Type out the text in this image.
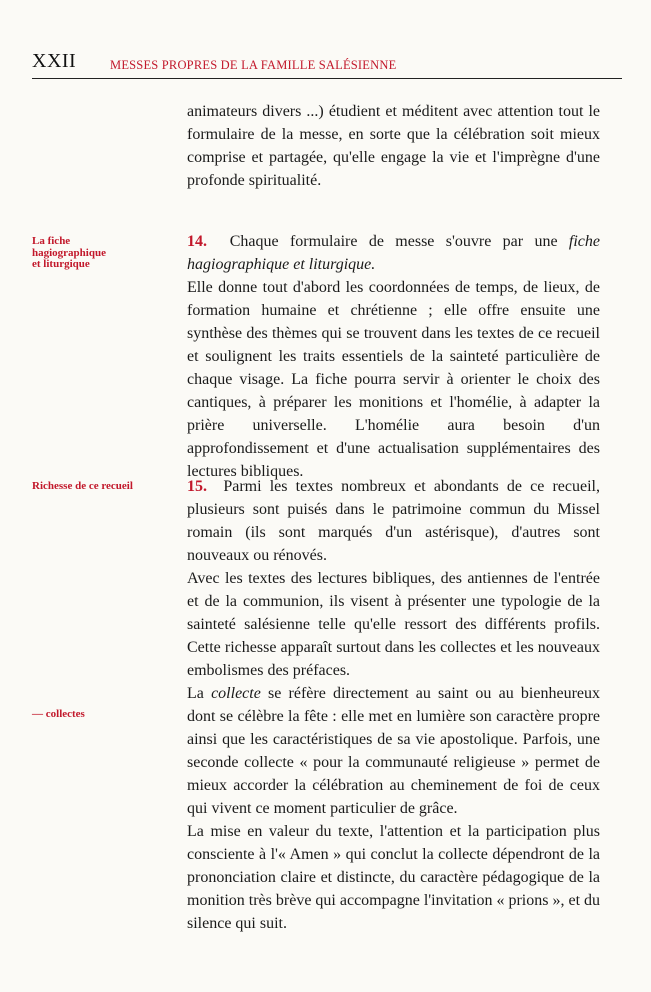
XXII	MESSES PROPRES DE LA FAMILLE SALÉSIENNE

animateurs divers ...) étudient et méditent avec attention tout le formulaire de la messe, en sorte que la célébration soit mieux comprise et partagée, qu'elle engage la vie et l'imprègne d'une profonde spiritualité.

La fiche
hagiographique
et liturgique

14. Chaque formulaire de messe s'ouvre par une fiche hagiographique et liturgique.

Elle donne tout d'abord les coordonnées de temps, de lieux, de formation humaine et chrétienne ; elle offre ensuite une synthèse des thèmes qui se trouvent dans les textes de ce recueil et soulignent les traits essentiels de la sainteté particulière de chaque visage. La fiche pourra servir à orienter le choix des cantiques, à préparer les monitions et l'homélie, à adapter la prière universelle. L'homélie aura besoin d'un approfondissement et d'une actualisation supplémentaires des lectures bibliques.

Richesse de ce recueil
— collectes

15. Parmi les textes nombreux et abondants de ce recueil, plusieurs sont puisés dans le patrimoine commun du Missel romain (ils sont marqués d'un astérisque), d'autres sont nouveaux ou rénovés.

Avec les textes des lectures bibliques, des antiennes de l'entrée et de la communion, ils visent à présenter une typologie de la sainteté salésienne telle qu'elle ressort des différents profils. Cette richesse apparaît surtout dans les collectes et les nouveaux embolismes des préfaces.

La collecte se réfère directement au saint ou au bienheureux dont se célèbre la fête : elle met en lumière son caractère propre ainsi que les caractéristiques de sa vie apostolique. Parfois, une seconde collecte « pour la communauté religieuse » permet de mieux accorder la célébration au cheminement de foi de ceux qui vivent ce moment particulier de grâce.

La mise en valeur du texte, l'attention et la participation plus consciente à l'« Amen » qui conclut la collecte dépendront de la prononciation claire et distincte, du caractère pédagogique de la monition très brève qui accompagne l'invitation « prions », et du silence qui suit.
